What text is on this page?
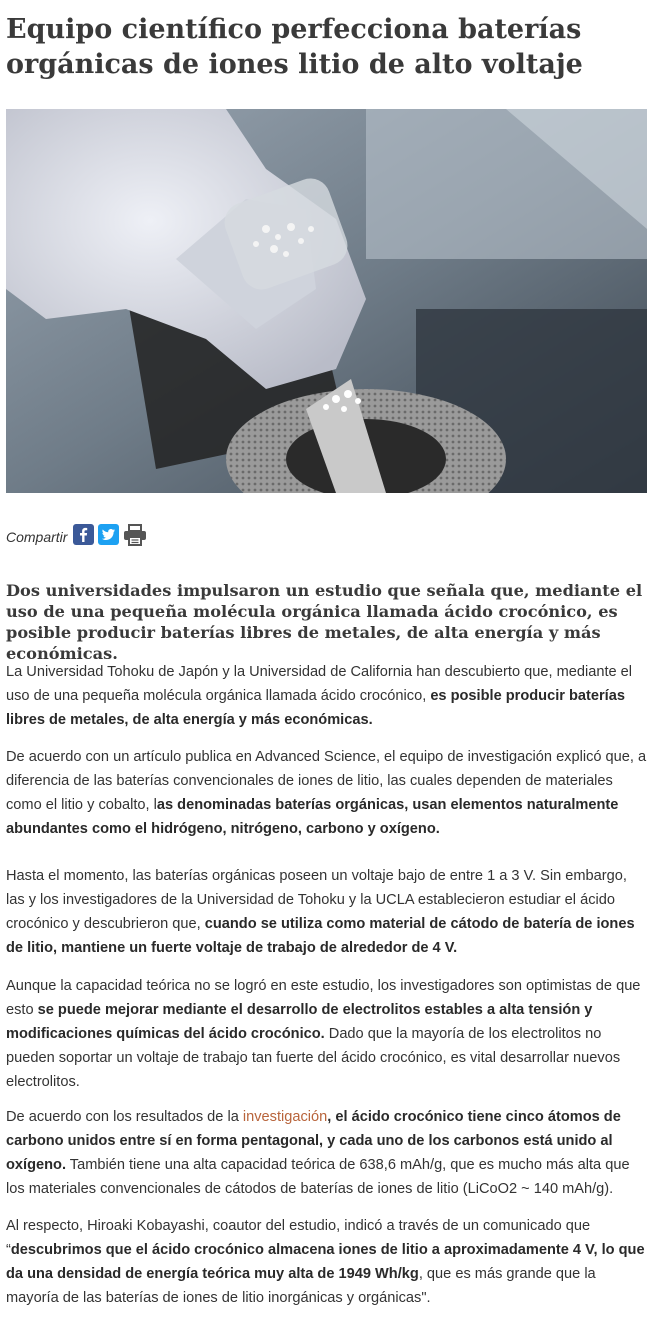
Equipo científico perfecciona baterías orgánicas de iones litio de alto voltaje
Compartir

Dos universidades impulsaron un estudio que señala que, mediante el uso de una pequeña molécula orgánica llamada ácido crocónico, es posible producir baterías libres de metales, de alta energía y más económicas.

La Universidad Tohoku de Japón y la Universidad de California han descubierto que, mediante el uso de una pequeña molécula orgánica llamada ácido crocónico, es posible producir baterías libres de metales, de alta energía y más económicas.

De acuerdo con un artículo publica en Advanced Science, el equipo de investigación explicó que, a diferencia de las baterías convencionales de iones de litio, las cuales dependen de materiales como el litio y cobalto, las denominadas baterías orgánicas, usan elementos naturalmente abundantes como el hidrógeno, nitrógeno, carbono y oxígeno.

Hasta el momento, las baterías orgánicas poseen un voltaje bajo de entre 1 a 3 V. Sin embargo, las y los investigadores de la Universidad de Tohoku y la UCLA establecieron estudiar el ácido crocónico y descubrieron que, cuando se utiliza como material de cátodo de batería de iones de litio, mantiene un fuerte voltaje de trabajo de alrededor de 4 V.

Aunque la capacidad teórica no se logró en este estudio, los investigadores son optimistas de que esto se puede mejorar mediante el desarrollo de electrolitos estables a alta tensión y modificaciones químicas del ácido crocónico. Dado que la mayoría de los electrolitos no pueden soportar un voltaje de trabajo tan fuerte del ácido crocónico, es vital desarrollar nuevos electrolitos.

De acuerdo con los resultados de la investigación, el ácido crocónico tiene cinco átomos de carbono unidos entre sí en forma pentagonal, y cada uno de los carbonos está unido al oxígeno. También tiene una alta capacidad teórica de 638,6 mAh/g, que es mucho más alta que los materiales convencionales de cátodos de baterías de iones de litio (LiCoO2 ~ 140 mAh/g).

Al respecto, Hiroaki Kobayashi, coautor del estudio, indicó a través de un comunicado que “descubrimos que el ácido crocónico almacena iones de litio a aproximadamente 4 V, lo que da una densidad de energía teórica muy alta de 1949 Wh/kg, que es más grande que la mayoría de las baterías de iones de litio inorgánicas y orgánicas".
